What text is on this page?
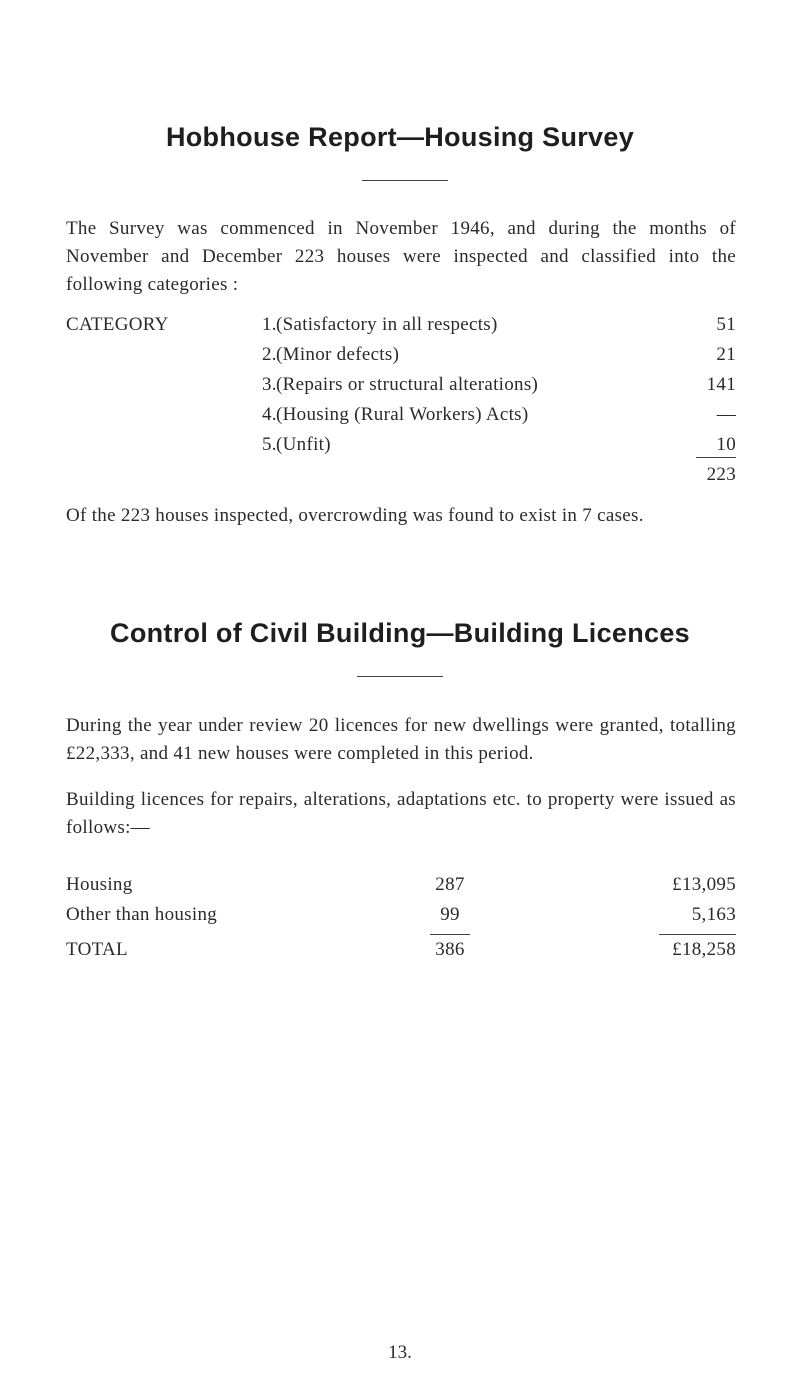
Hobhouse Report—Housing Survey
The Survey was commenced in November 1946, and during the months of November and December 223 houses were inspected and classified into the following categories :
CATEGORY	1. (Satisfactory in all respects)	51
2. (Minor defects)	21
3. (Repairs or structural alterations)	141
4. (Housing (Rural Workers) Acts)	—
5. (Unfit)	10
223
Of the 223 houses inspected, overcrowding was found to exist in 7 cases.
Control of Civil Building—Building Licences
During the year under review 20 licences for new dwellings were granted, totalling £22,333, and 41 new houses were completed in this period.
Building licences for repairs, alterations, adaptations etc. to property were issued as follows:—
Housing	287	£13,095
Other than housing	99	5,163
TOTAL	386	£18,258
13.
